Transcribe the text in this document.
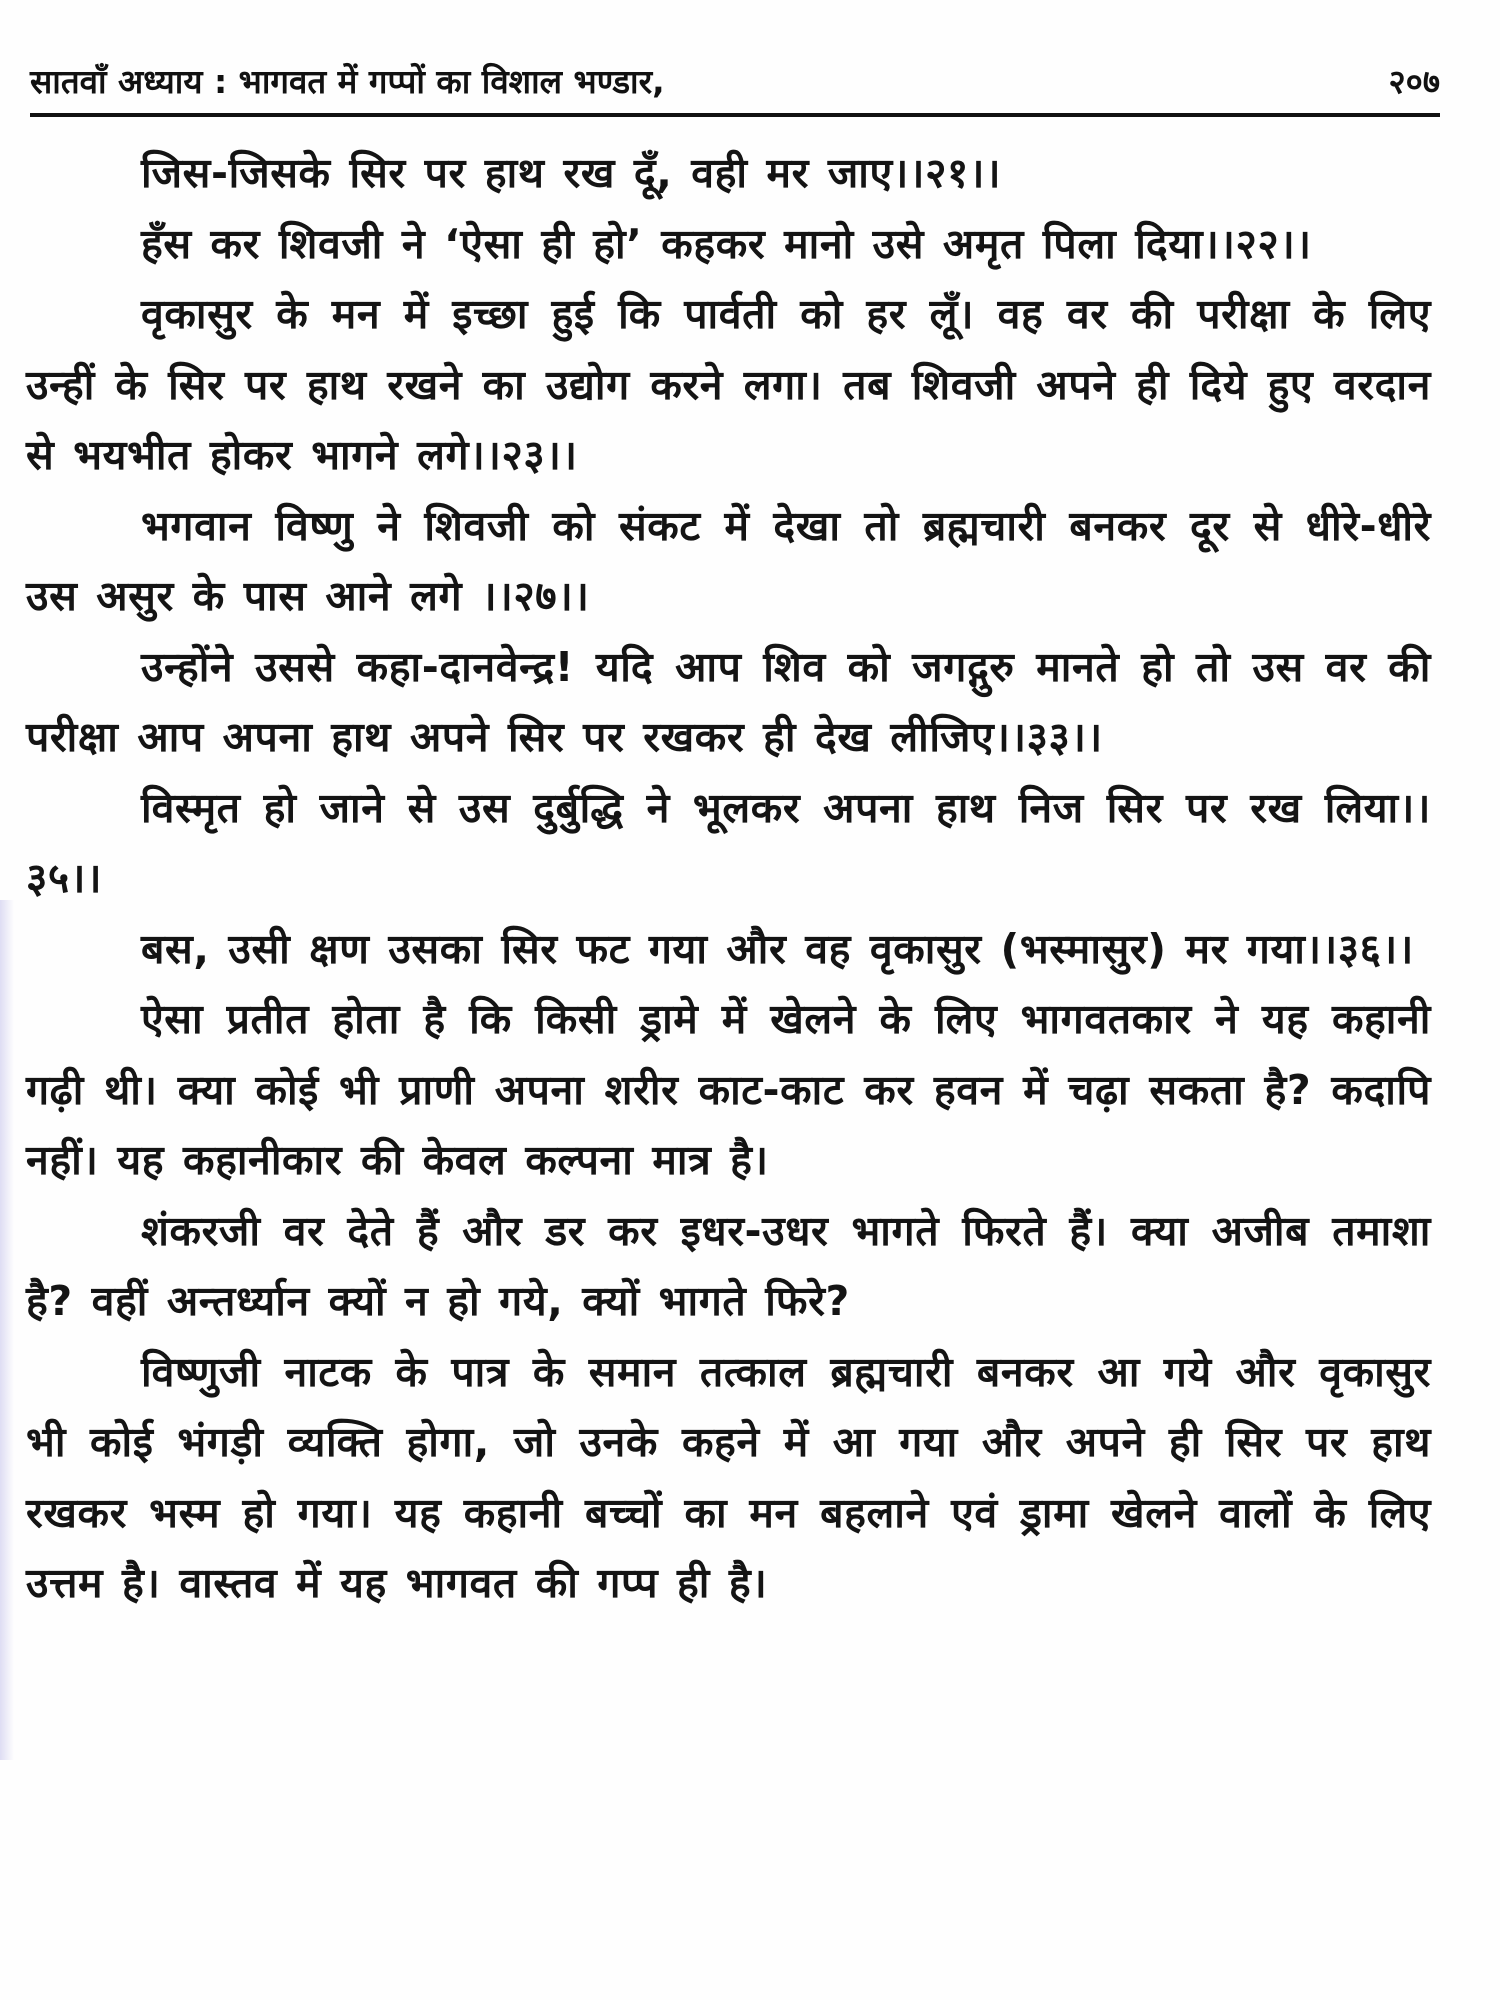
सातवाँ अध्याय : भागवत में गप्पों का विशाल भण्डार,	२०७

जिस-जिसके सिर पर हाथ रख दूँ, वही मर जाए।।२१।।

हँस कर शिवजी ने ‘ऐसा ही हो’ कहकर मानो उसे अमृत पिला दिया।।२२।।

वृकासुर के मन में इच्छा हुई कि पार्वती को हर लूँ। वह वर की परीक्षा के लिए उन्हीं के सिर पर हाथ रखने का उद्योग करने लगा। तब शिवजी अपने ही दिये हुए वरदान से भयभीत होकर भागने लगे।।२३।।

भगवान विष्णु ने शिवजी को संकट में देखा तो ब्रह्मचारी बनकर दूर से धीरे-धीरे उस असुर के पास आने लगे ।।२७।।

उन्होंने उससे कहा-दानवेन्द्र! यदि आप शिव को जगद्गुरु मानते हो तो उस वर की परीक्षा आप अपना हाथ अपने सिर पर रखकर ही देख लीजिए।।३३।।

विस्मृत हो जाने से उस दुर्बुद्धि ने भूलकर अपना हाथ निज सिर पर रख लिया।।३५।।

बस, उसी क्षण उसका सिर फट गया और वह वृकासुर (भस्मासुर) मर गया।।३६।।

ऐसा प्रतीत होता है कि किसी ड्रामे में खेलने के लिए भागवतकार ने यह कहानी गढ़ी थी। क्या कोई भी प्राणी अपना शरीर काट-काट कर हवन में चढ़ा सकता है? कदापि नहीं। यह कहानीकार की केवल कल्पना मात्र है।

शंकरजी वर देते हैं और डर कर इधर-उधर भागते फिरते हैं। क्या अजीब तमाशा है? वहीं अन्तर्ध्यान क्यों न हो गये, क्यों भागते फिरे?

विष्णुजी नाटक के पात्र के समान तत्काल ब्रह्मचारी बनकर आ गये और वृकासुर भी कोई भंगड़ी व्यक्ति होगा, जो उनके कहने में आ गया और अपने ही सिर पर हाथ रखकर भस्म हो गया। यह कहानी बच्चों का मन बहलाने एवं ड्रामा खेलने वालों के लिए उत्तम है। वास्तव में यह भागवत की गप्प ही है।
